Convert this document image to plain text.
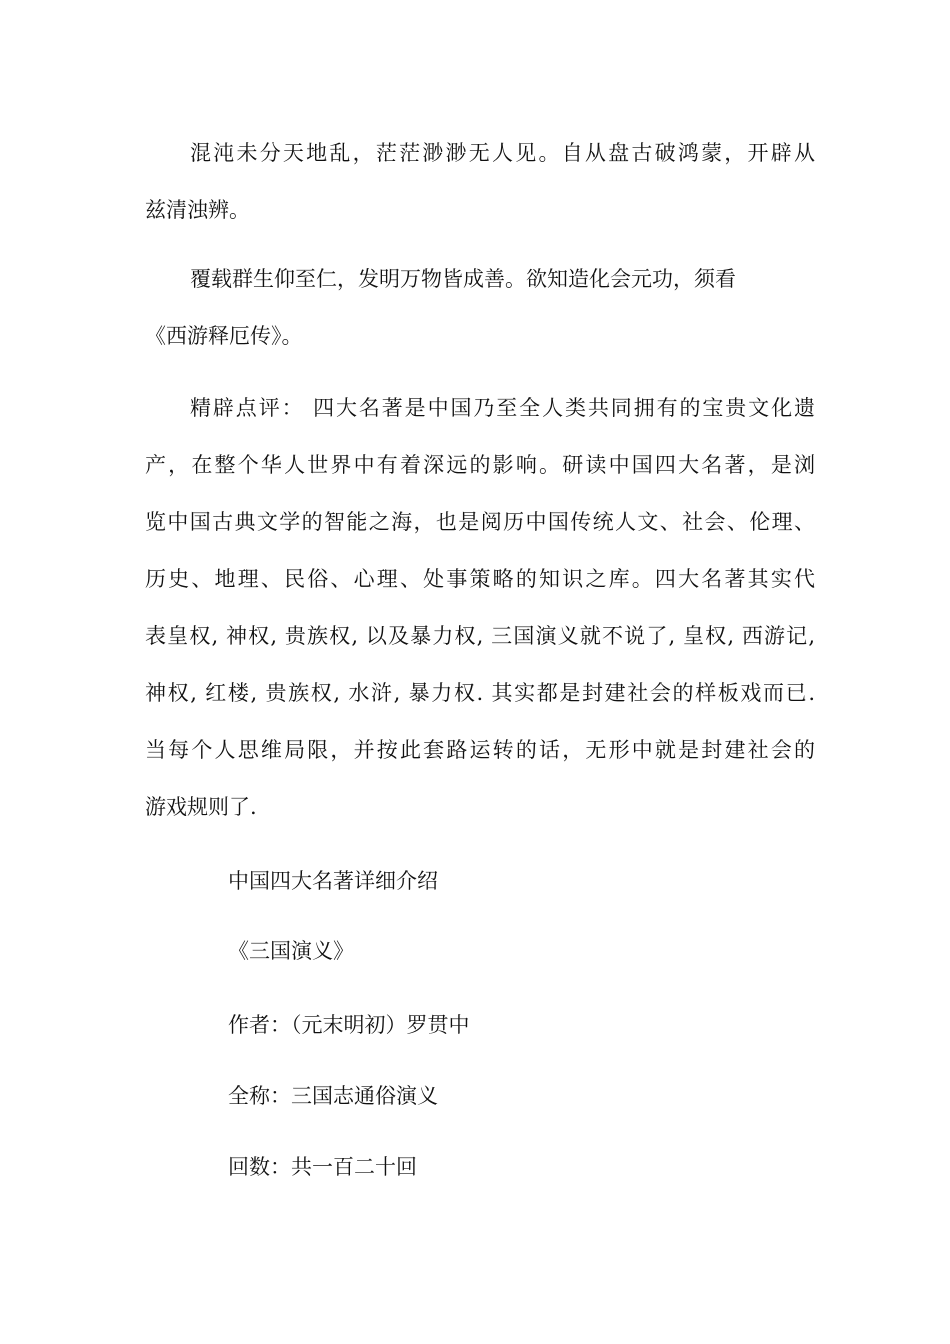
混沌未分天地乱，茫茫渺渺无人见。自从盘古破鸿蒙，开辟从
兹清浊辨。
覆载群生仰至仁，发明万物皆成善。欲知造化会元功，须看
《西游释厄传》。
精辟点评： 四大名著是中国乃至全人类共同拥有的宝贵文化遗
产，在整个华人世界中有着深远的影响。研读中国四大名著，是浏
览中国古典文学的智能之海，也是阅历中国传统人文、社会、伦理、
历史、地理、民俗、心理、处事策略的知识之库。四大名著其实代
表皇权, 神权, 贵族权, 以及暴力权, 三国演义就不说了, 皇权, 西游记,
神权, 红楼, 贵族权, 水浒, 暴力权. 其实都是封建社会的样板戏而已.
当每个人思维局限，并按此套路运转的话，无形中就是封建社会的
游戏规则了.
中国四大名著详细介绍
《三国演义》
作者：（元末明初）罗贯中
全称：三国志通俗演义
回数：共一百二十回
